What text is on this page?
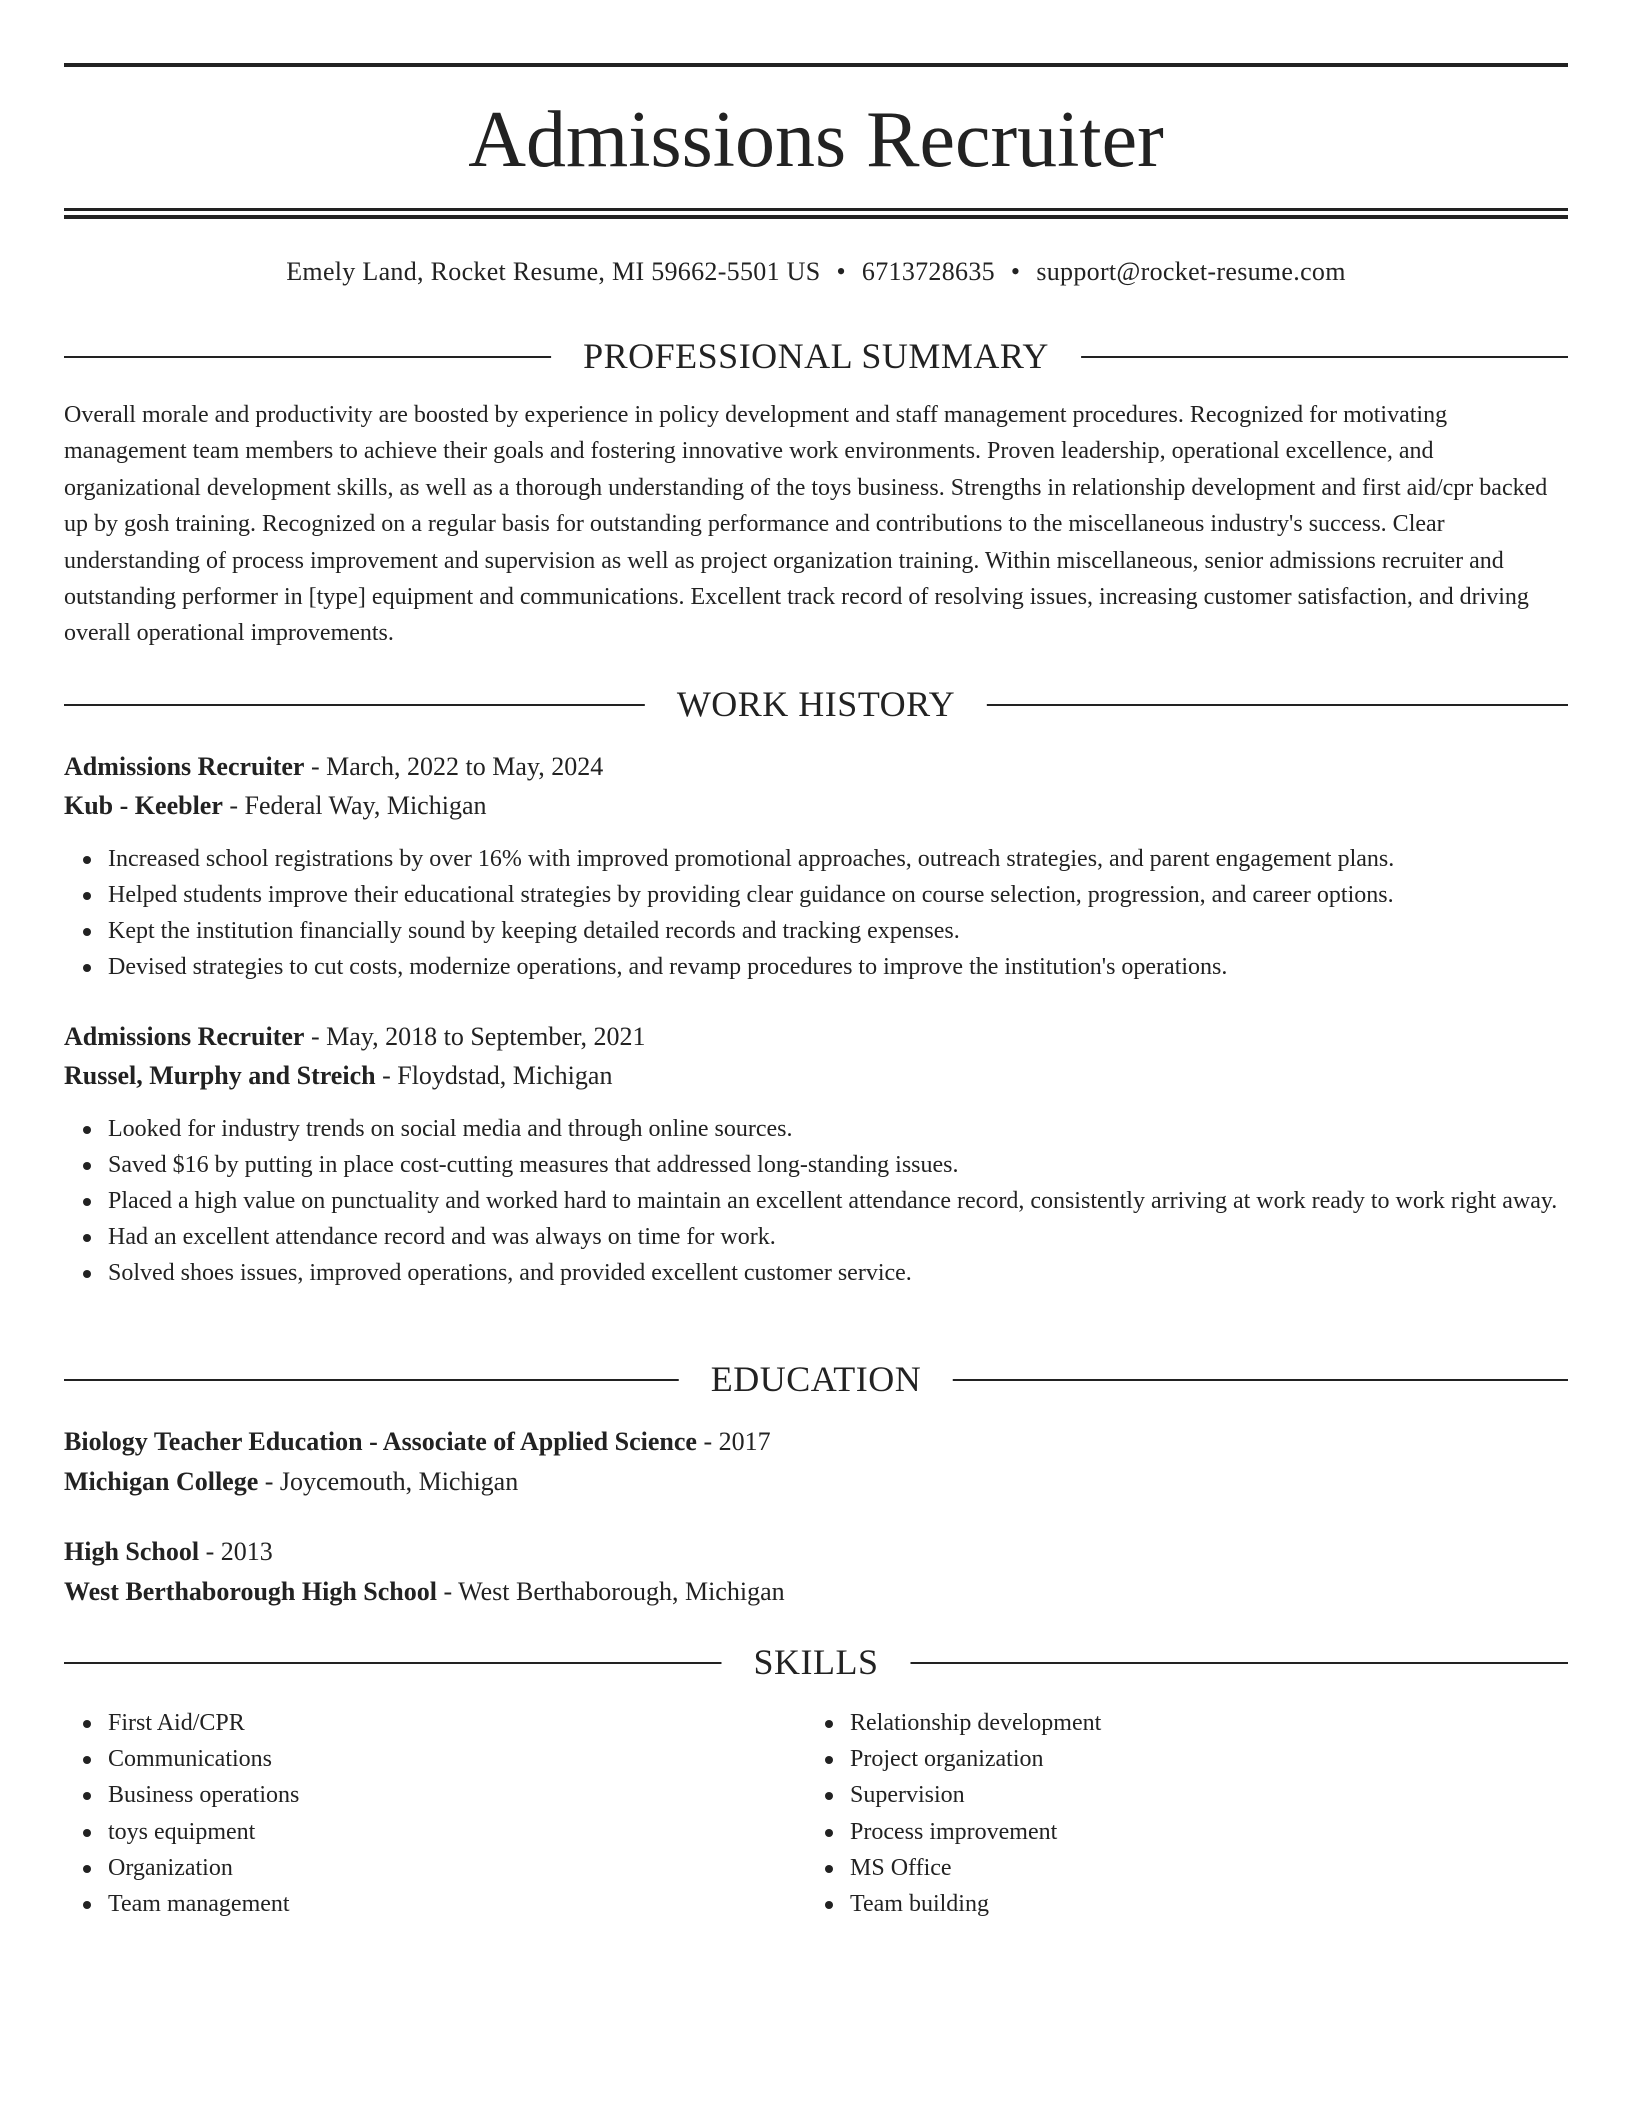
Admissions Recruiter
Emely Land, Rocket Resume, MI 59662-5501 US • 6713728635 • support@rocket-resume.com
PROFESSIONAL SUMMARY

Overall morale and productivity are boosted by experience in policy development and staff management procedures. Recognized for motivating management team members to achieve their goals and fostering innovative work environments. Proven leadership, operational excellence, and organizational development skills, as well as a thorough understanding of the toys business. Strengths in relationship development and first aid/cpr backed up by gosh training. Recognized on a regular basis for outstanding performance and contributions to the miscellaneous industry's success. Clear understanding of process improvement and supervision as well as project organization training. Within miscellaneous, senior admissions recruiter and outstanding performer in [type] equipment and communications. Excellent track record of resolving issues, increasing customer satisfaction, and driving overall operational improvements.

WORK HISTORY
Admissions Recruiter - March, 2022 to May, 2024
Kub - Keebler - Federal Way, Michigan
Increased school registrations by over 16% with improved promotional approaches, outreach strategies, and parent engagement plans.
Helped students improve their educational strategies by providing clear guidance on course selection, progression, and career options.
Kept the institution financially sound by keeping detailed records and tracking expenses.
Devised strategies to cut costs, modernize operations, and revamp procedures to improve the institution's operations.
Admissions Recruiter - May, 2018 to September, 2021
Russel, Murphy and Streich - Floydstad, Michigan
Looked for industry trends on social media and through online sources.
Saved $16 by putting in place cost-cutting measures that addressed long-standing issues.
Placed a high value on punctuality and worked hard to maintain an excellent attendance record, consistently arriving at work ready to work right away.
Had an excellent attendance record and was always on time for work.
Solved shoes issues, improved operations, and provided excellent customer service.
EDUCATION
Biology Teacher Education - Associate of Applied Science - 2017
Michigan College - Joycemouth, Michigan
High School - 2013
West Berthaborough High School - West Berthaborough, Michigan
SKILLS
First Aid/CPR
Communications
Business operations
toys equipment
Organization
Team management
Relationship development
Project organization
Supervision
Process improvement
MS Office
Team building
